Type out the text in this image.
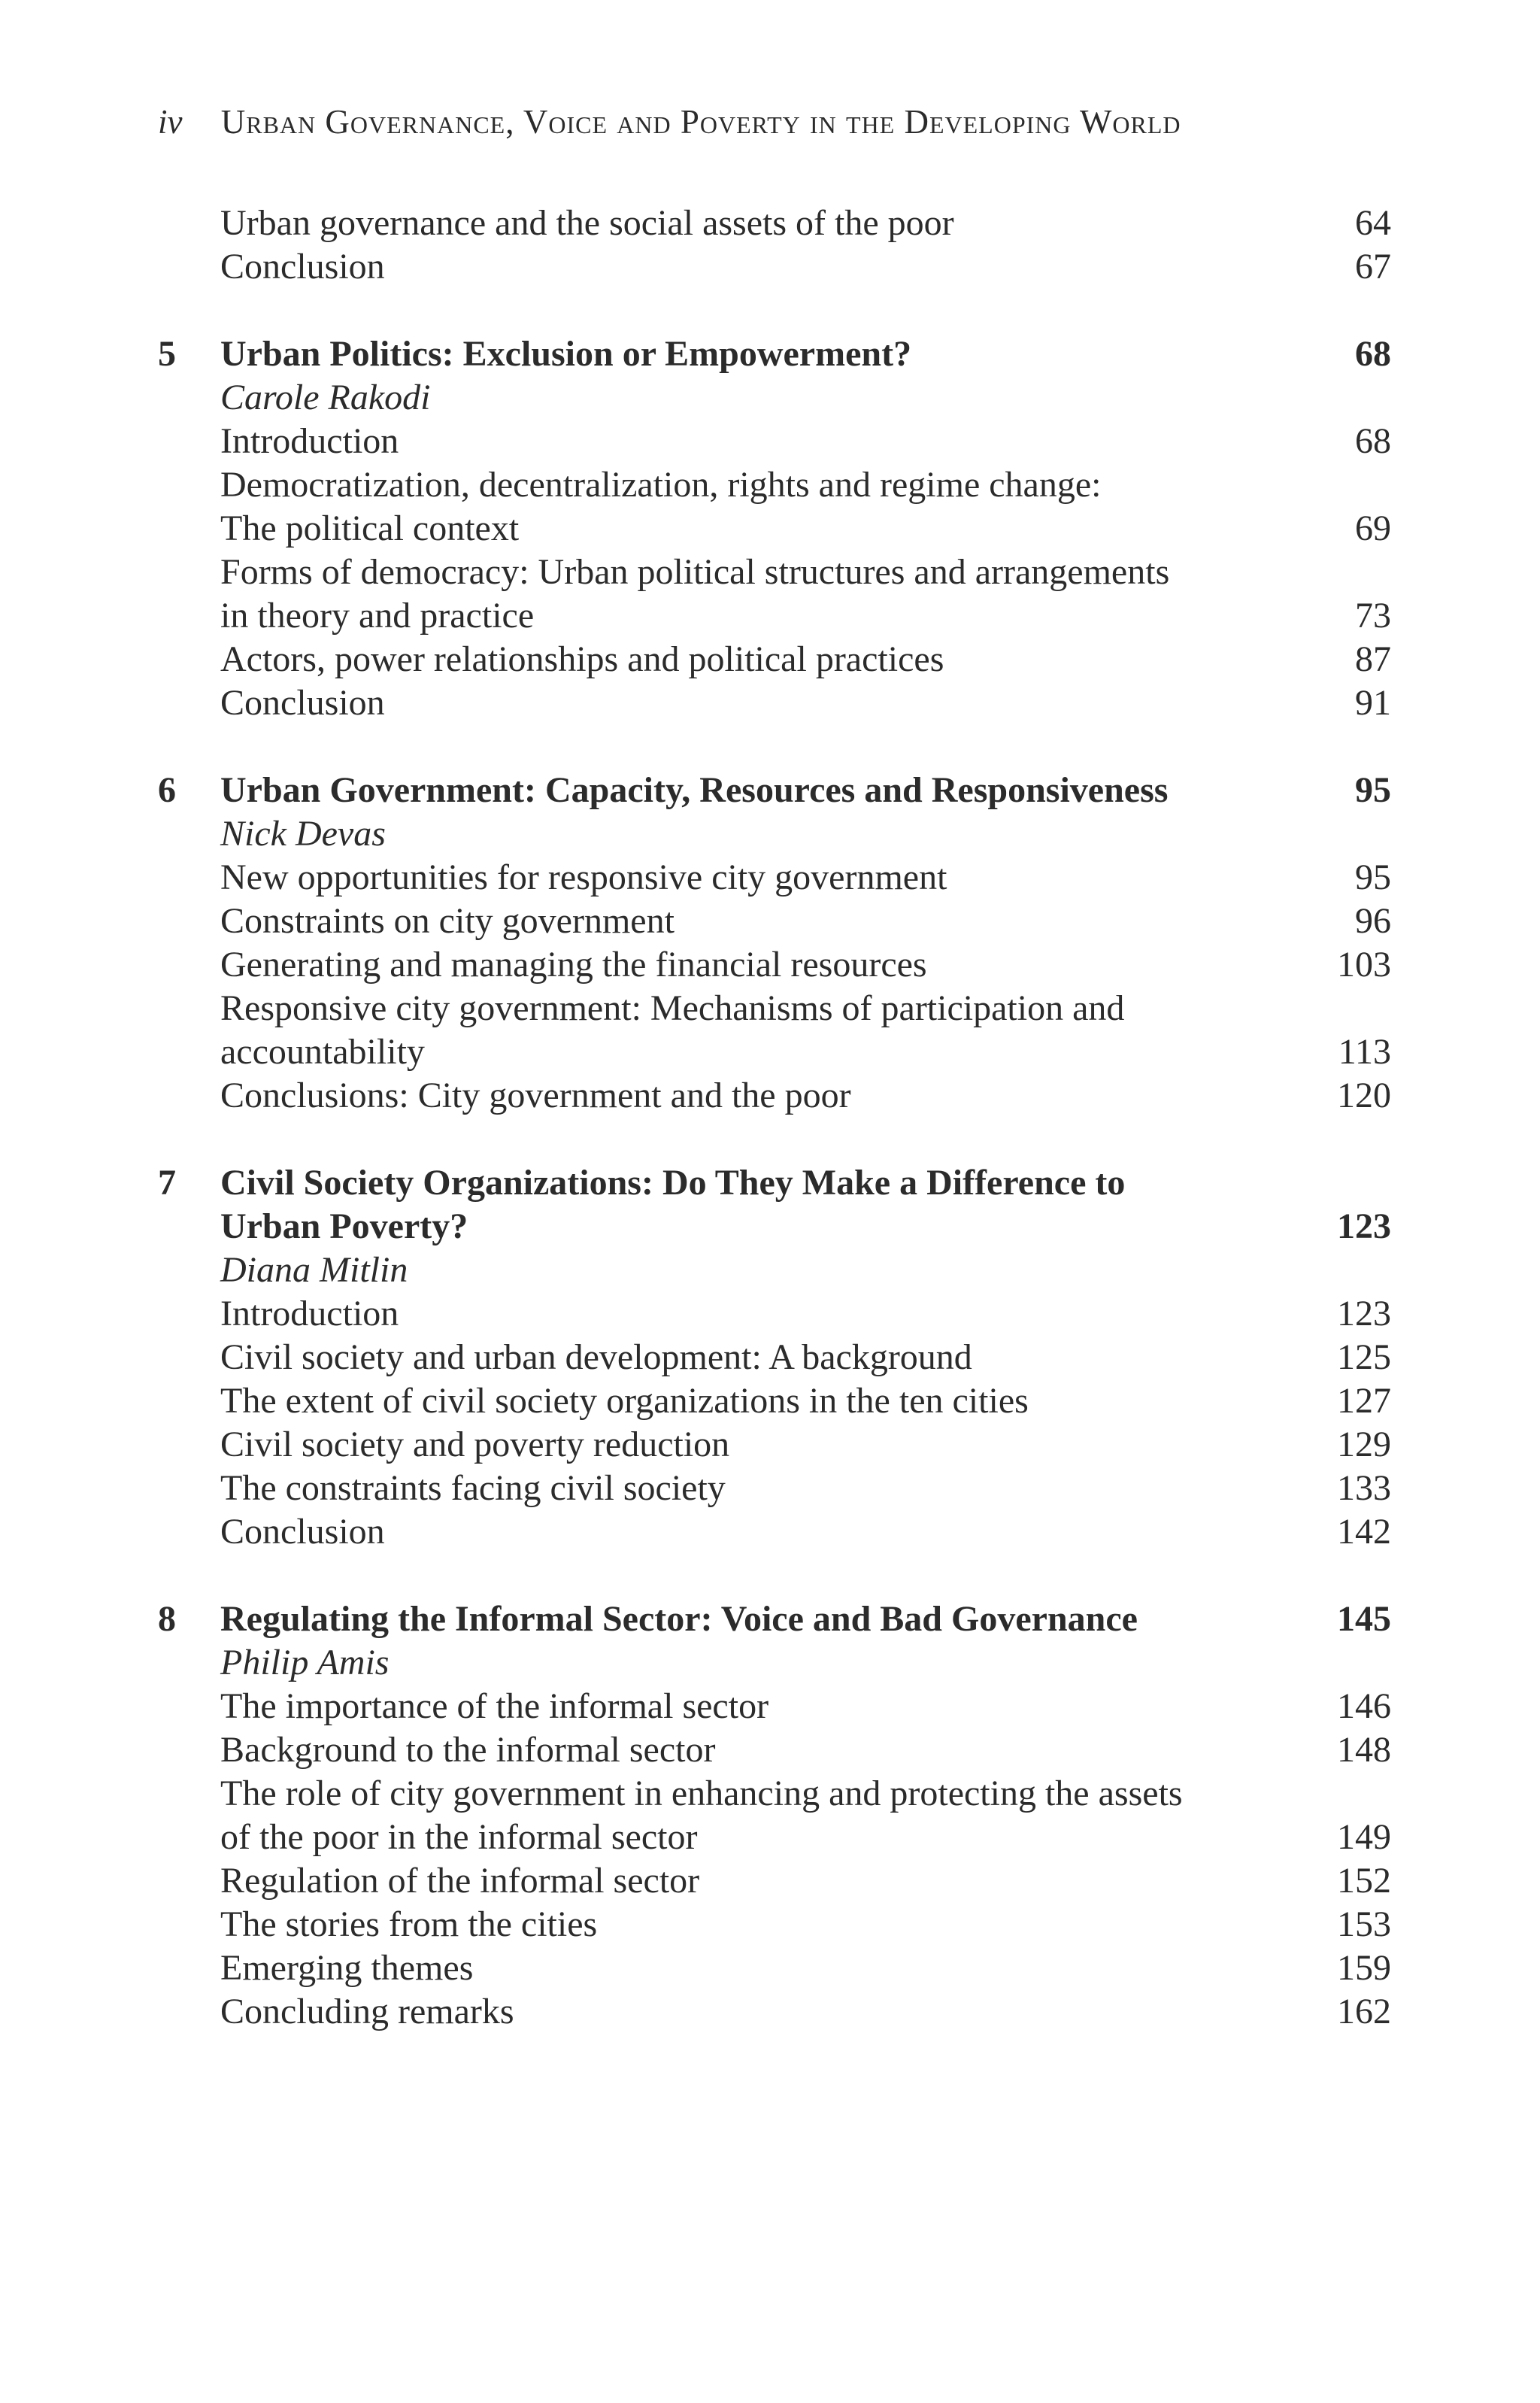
iv Urban Governance, Voice and Poverty in the Developing World
Urban governance and the social assets of the poor	64
Conclusion	67
5 Urban Politics: Exclusion or Empowerment?	68
Carole Rakodi
Introduction	68
Democratization, decentralization, rights and regime change:
The political context	69
Forms of democracy: Urban political structures and arrangements
in theory and practice	73
Actors, power relationships and political practices	87
Conclusion	91
6 Urban Government: Capacity, Resources and Responsiveness	95
Nick Devas
New opportunities for responsive city government	95
Constraints on city government	96
Generating and managing the financial resources	103
Responsive city government: Mechanisms of participation and
accountability	113
Conclusions: City government and the poor	120
7 Civil Society Organizations: Do They Make a Difference to
Urban Poverty?	123
Diana Mitlin
Introduction	123
Civil society and urban development: A background	125
The extent of civil society organizations in the ten cities	127
Civil society and poverty reduction	129
The constraints facing civil society	133
Conclusion	142
8 Regulating the Informal Sector: Voice and Bad Governance	145
Philip Amis
The importance of the informal sector	146
Background to the informal sector	148
The role of city government in enhancing and protecting the assets
of the poor in the informal sector	149
Regulation of the informal sector	152
The stories from the cities	153
Emerging themes	159
Concluding remarks	162
